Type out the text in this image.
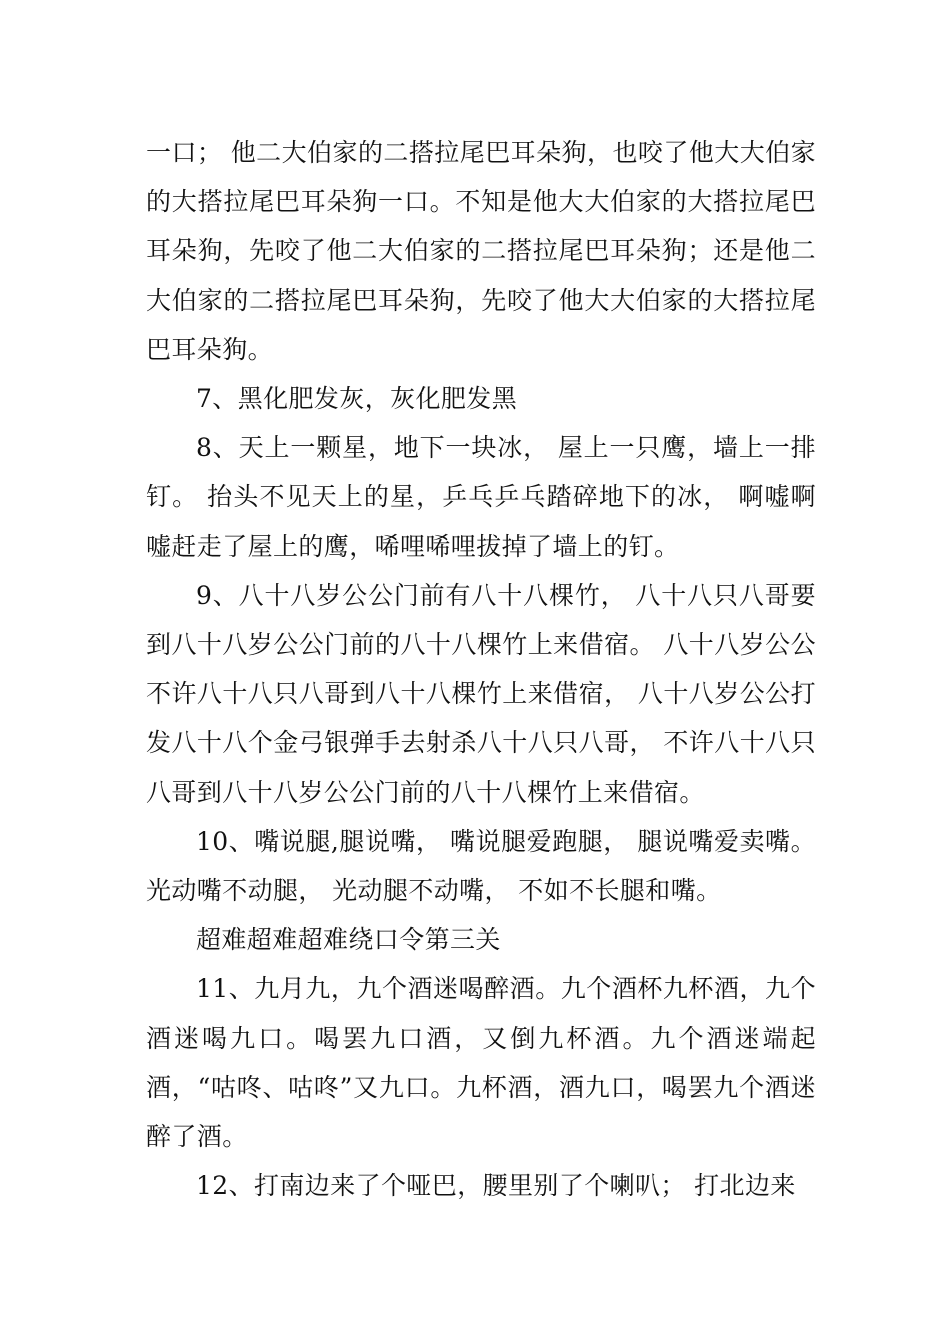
一口； 他二大伯家的二搭拉尾巴耳朵狗，也咬了他大大伯家的大搭拉尾巴耳朵狗一口。不知是他大大伯家的大搭拉尾巴耳朵狗，先咬了他二大伯家的二搭拉尾巴耳朵狗；还是他二大伯家的二搭拉尾巴耳朵狗，先咬了他大大伯家的大搭拉尾巴耳朵狗。

7、黑化肥发灰，灰化肥发黑

8、天上一颗星，地下一块冰， 屋上一只鹰，墙上一排钉。 抬头不见天上的星，乒乓乒乓踏碎地下的冰， 啊嘘啊嘘赶走了屋上的鹰，唏哩唏哩拔掉了墙上的钉。

9、八十八岁公公门前有八十八棵竹， 八十八只八哥要到八十八岁公公门前的八十八棵竹上来借宿。 八十八岁公公不许八十八只八哥到八十八棵竹上来借宿， 八十八岁公公打发八十八个金弓银弹手去射杀八十八只八哥， 不许八十八只八哥到八十八岁公公门前的八十八棵竹上来借宿。

10、嘴说腿,腿说嘴， 嘴说腿爱跑腿， 腿说嘴爱卖嘴。 光动嘴不动腿， 光动腿不动嘴， 不如不长腿和嘴。

超难超难超难绕口令第三关

11、九月九，九个酒迷喝醉酒。九个酒杯九杯酒，九个酒迷喝九口。喝罢九口酒，又倒九杯酒。九个酒迷端起酒，“咕咚、咕咚”又九口。九杯酒，酒九口，喝罢九个酒迷醉了酒。

12、打南边来了个哑巴，腰里别了个喇叭； 打北边来
